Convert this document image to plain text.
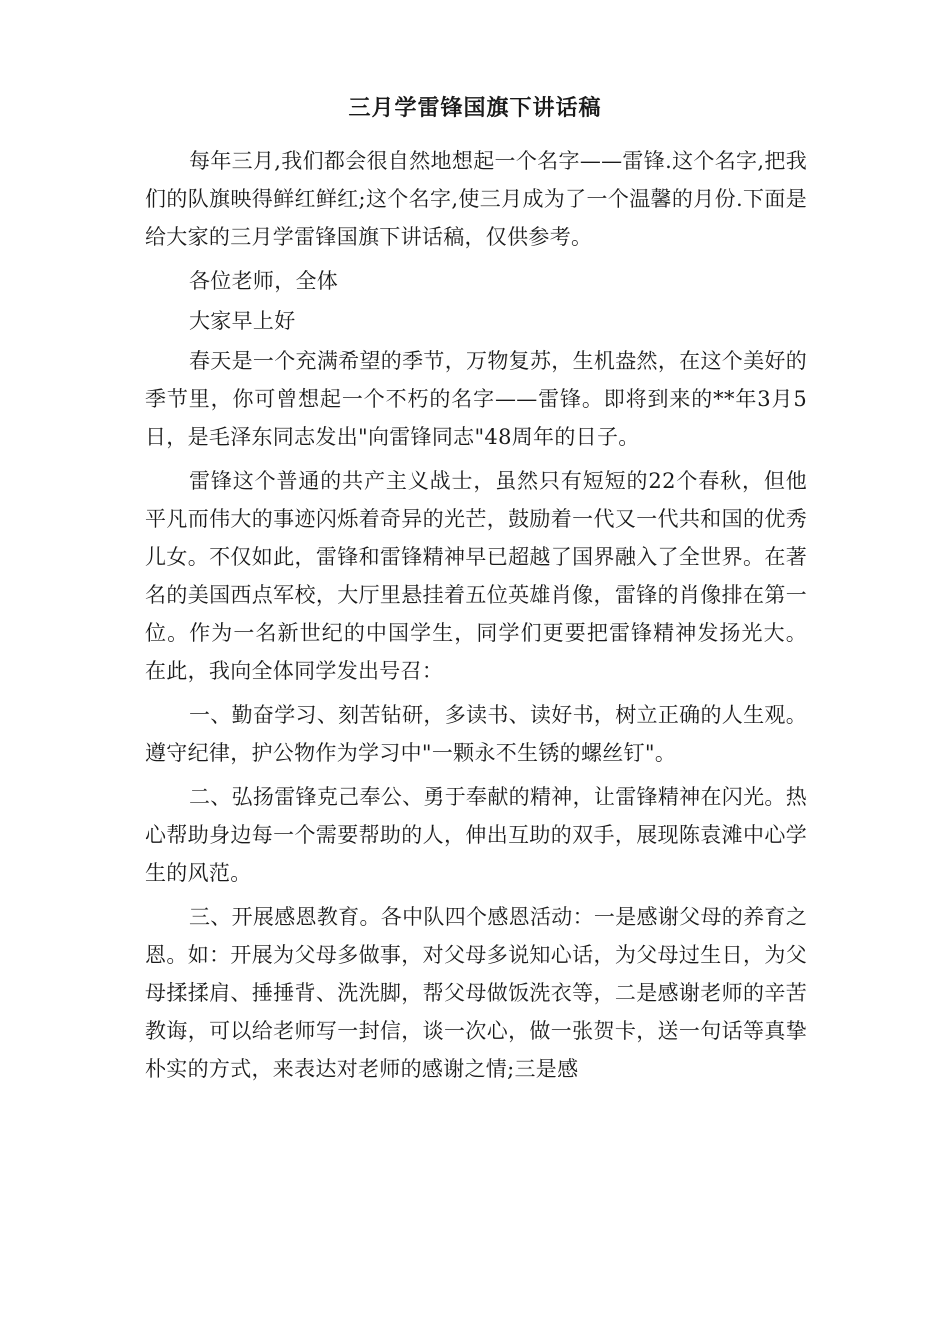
三月学雷锋国旗下讲话稿

每年三月,我们都会很自然地想起一个名字——雷锋.这个名字,把我们的队旗映得鲜红鲜红;这个名字,使三月成为了一个温馨的月份.下面是给大家的三月学雷锋国旗下讲话稿，仅供参考。

各位老师，全体

大家早上好

春天是一个充满希望的季节，万物复苏，生机盎然，在这个美好的季节里，你可曾想起一个不朽的名字——雷锋。即将到来的**年3月5日，是毛泽东同志发出"向雷锋同志"48周年的日子。

雷锋这个普通的共产主义战士，虽然只有短短的22个春秋，但他平凡而伟大的事迹闪烁着奇异的光芒，鼓励着一代又一代共和国的优秀儿女。不仅如此，雷锋和雷锋精神早已超越了国界融入了全世界。在著名的美国西点军校，大厅里悬挂着五位英雄肖像，雷锋的肖像排在第一位。作为一名新世纪的中国学生，同学们更要把雷锋精神发扬光大。 在此，我向全体同学发出号召：

一、勤奋学习、刻苦钻研，多读书、读好书，树立正确的人生观。遵守纪律，护公物作为学习中"一颗永不生锈的螺丝钉"。

二、弘扬雷锋克己奉公、勇于奉献的精神，让雷锋精神在闪光。热心帮助身边每一个需要帮助的人，伸出互助的双手，展现陈袁滩中心学生的风范。

三、开展感恩教育。各中队四个感恩活动：一是感谢父母的养育之恩。如：开展为父母多做事，对父母多说知心话，为父母过生日，为父母揉揉肩、捶捶背、洗洗脚，帮父母做饭洗衣等，二是感谢老师的辛苦教诲，可以给老师写一封信，谈一次心，做一张贺卡，送一句话等真挚朴实的方式，来表达对老师的感谢之情;三是感
